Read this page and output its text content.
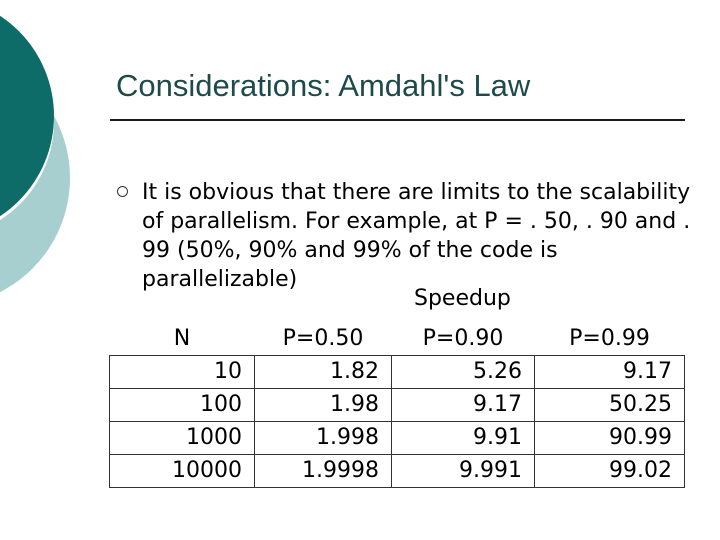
Considerations: Amdahl's Law

It is obvious that there are limits to the scalability of parallelism. For example, at P = . 50, . 90 and . 99 (50%, 90% and 99% of the code is parallelizable)

Speedup
N	P=0.50	P=0.90	P=0.99
10	1.82	5.26	9.17
100	1.98	9.17	50.25
1000	1.998	9.91	90.99
10000	1.9998	9.991	99.02
